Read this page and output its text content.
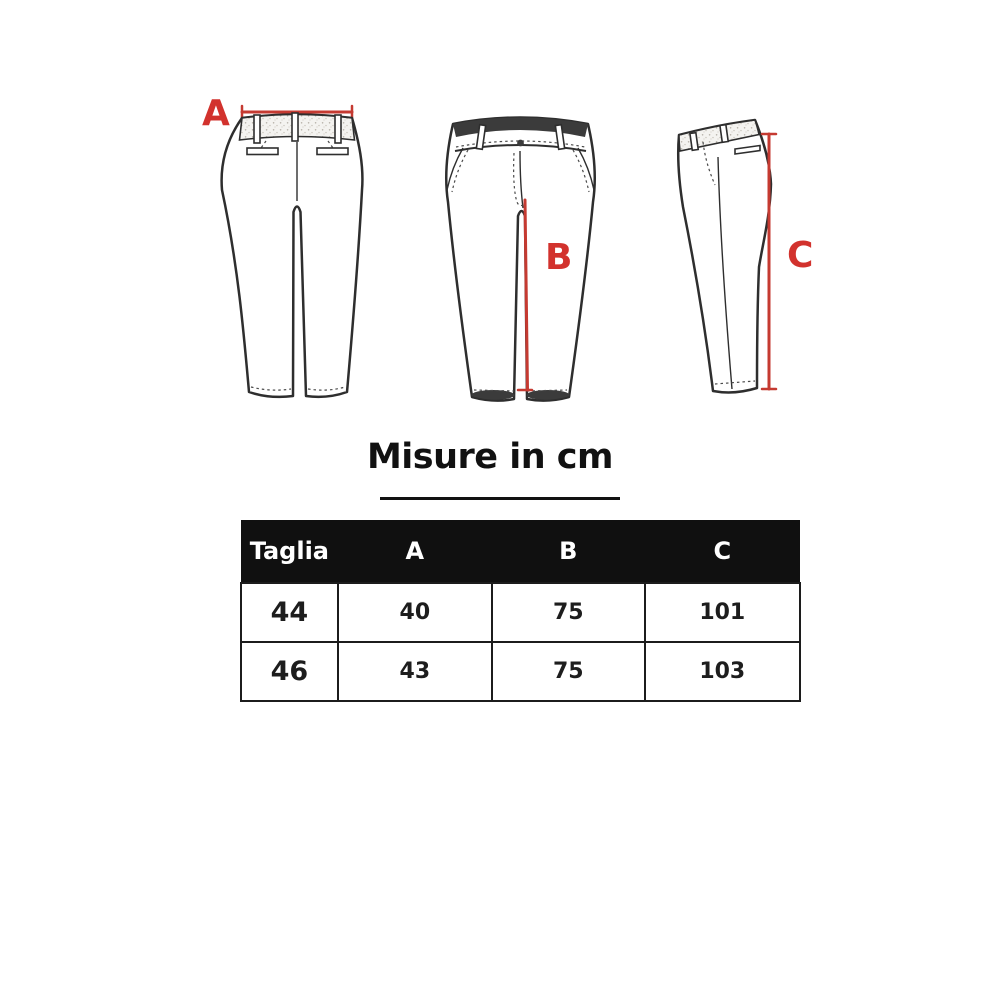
A
B	C
Misure in cm
Taglia	A	B	C
44	40	75	101
46	43	75	103
